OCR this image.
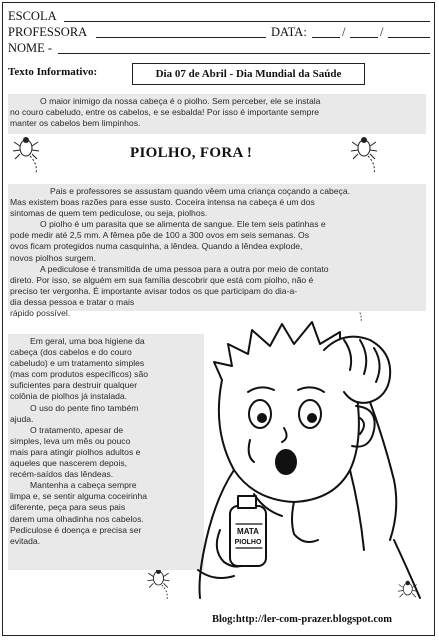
ESCOLA
PROFESSORA	DATA:	/	/
NOME -
Texto Informativo:	Dia 07 de Abril - Dia Mundial da Saúde
O maior inimigo da nossa cabeça é o piolho. Sem perceber, ele se instala
no couro cabeludo, entre os cabelos, e se esbalda! Por isso é importante sempre
manter os cabelos bem limpinhos.
PIOLHO, FORA !
Pais e professores se assustam quando vêem uma criança coçando a cabeça.
Mas existem boas razões para esse susto. Coceira intensa na cabeça é um dos
sintomas de quem tem pediculose, ou seja, piolhos.
O piolho é um parasita que se alimenta de sangue. Ele tem seis patinhas e
pode medir até 2,5 mm. A fêmea põe de 100 a 300 ovos em seis semanas. Os
ovos ficam protegidos numa casquinha, a lêndea. Quando a lêndea explode,
novos piolhos surgem.
A pediculose é transmitida de uma pessoa para a outra por meio de contato
direto. Por isso, se alguém em sua família descobrir que está com piolho, não é
preciso ter vergonha. É importante avisar todos os que participam do dia-a-
dia dessa pessoa e tratar o mais
rápido possível.
Em geral, uma boa higiene da
cabeça (dos cabelos e do couro
cabeludo) e um tratamento simples
(mas com produtos específicos) são
suficientes para destruir qualquer
colônia de piolhos já instalada.
O uso do pente fino também
ajuda.
O tratamento, apesar de
simples, leva um mês ou pouco
mais para atingir piolhos adultos e
aqueles que nascerem depois,
recém-saídos das lêndeas.
Mantenha a cabeça sempre
limpa e, se sentir alguma coceirinha
diferente, peça para seus pais
darem uma olhadinha nos cabelos.
Pediculose é doença e precisa ser
evitada.
MATA
PIOLHO
Blog:http://ler-com-prazer.blogspot.com
